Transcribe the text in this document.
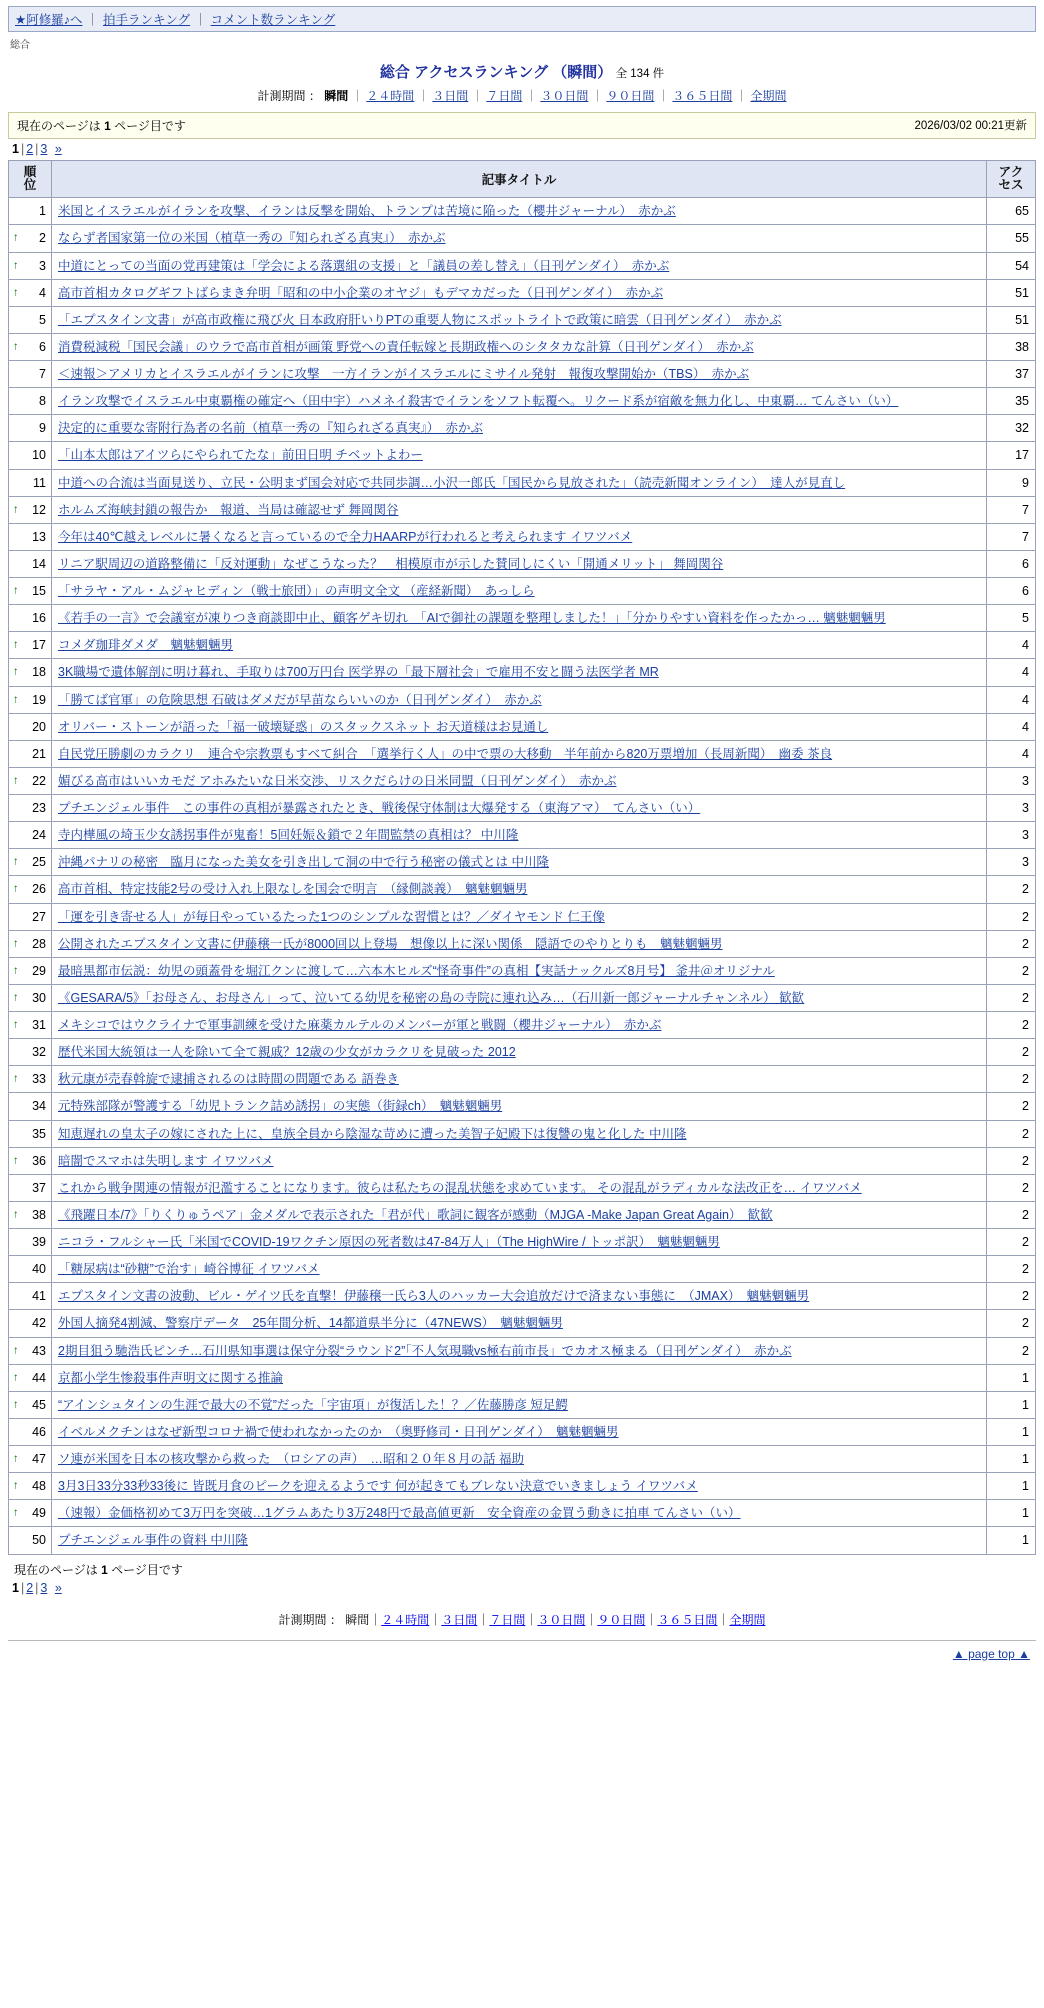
★阿修羅♪へ ｜ 拍手ランキング ｜ コメント数ランキング
総合
総合 アクセスランキング （瞬間） 全 134 件
計測期間 ： 瞬間 ｜ ２４時間 ｜ ３日間 ｜ ７日間 ｜ ３０日間 ｜ ９０日間 ｜ ３６５日間 ｜ 全期間
現在のページは 1 ページ目です	2026/03/02 00:21更新
1 | 2 | 3 »
順
位	記事タイトル	
アク
セス

1	米国とイスラエルがイランを攻撃、イランは反撃を開始、トランプは苦境に陥った（櫻井ジャーナル）　赤かぶ	65

↑ 2	ならず者国家第一位の米国（植草一秀の『知られざる真実』）　赤かぶ	55

↑ 3	中道にとっての当面の党再建策は「学会による落選組の支援」と「議員の差し替え」（日刊ゲンダイ）　赤かぶ	54

↑ 4	高市首相カタログギフトばらまき弁明「昭和の中小企業のオヤジ」もデマカだった（日刊ゲンダイ）　赤かぶ	51
5	「エプスタイン文書」が高市政権に飛び火 日本政府肝いりPTの重要人物にスポットライトで政策に暗雲（日刊ゲンダイ）　赤かぶ	51

↑ 6	消費税減税「国民会議」のウラで高市首相が画策 野党への責任転嫁と長期政権へのシタタカな計算（日刊ゲンダイ）　赤かぶ	38
7	＜速報＞アメリカとイスラエルがイランに攻撃　一方イランがイスラエルにミサイル発射　報復攻撃開始か（TBS）　赤かぶ	37
8	イラン攻撃でイスラエル中東覇権の確定へ（田中宇）ハメネイ殺害でイランをソフト転覆へ。リクード系が宿敵を無力化し、中東覇… てんさい（い）	35
9	決定的に重要な寄附行為者の名前（植草一秀の『知られざる真実』）　赤かぶ	32
10	「山本太郎はアイツらにやられてたな」前田日明 チベットよわー	17
11	中道への合流は当面見送り、立民・公明まず国会対応で共同歩調…小沢一郎氏「国民から見放された」（読売新聞オンライン）　達人が見直し	9

↑ 12	ホルムズ海峡封鎖の報告か　報道、当局は確認せず 舞岡関谷	7
13	今年は40℃越えレベルに暑くなると言っているので全力HAARPが行われると考えられます イワツバメ	7
14	リニア駅周辺の道路整備に「反対運動」なぜこうなった？　相模原市が示した賛同しにくい「開通メリット」 舞岡関谷	6

↑ 15	「サラヤ・アル・ムジャヒディン（戦士旅団）」の声明文全文 （産経新聞）　あっしら	6
16	《若手の一言》で会議室が凍りつき商談即中止、顧客ゲキ切れ　「AIで御社の課題を整理しました！」「分かりやすい資料を作ったかっ… 魑魅魍魎男	5

↑ 17	コメダ珈琲ダメダ　魑魅魍魎男	4

↑ 18	3K職場で遺体解剖に明け暮れ、手取りは700万円台 医学界の「最下層社会」で雇用不安と闘う法医学者 MR	4

↑ 19	「勝てば官軍」の危険思想 石破はダメだが早苗ならいいのか（日刊ゲンダイ）　赤かぶ	4
20	オリバー・ストーンが語った「福一破壊疑惑」のスタックスネット お天道様はお見通し	4
21	自民党圧勝劇のカラクリ　連合や宗教票もすべて糾合　「選挙行く人」の中で票の大移動　半年前から820万票増加（長周新聞）　幽委 茶良	4

↑ 22	媚びる高市はいいカモだ アホみたいな日米交渉、リスクだらけの日米同盟（日刊ゲンダイ）　赤かぶ	3
23	プチエンジェル事件　この事件の真相が暴露されたとき、戦後保守体制は大爆発する（東海アマ）　てんさい（い）	3
24	寺内樺風の埼玉少女誘拐事件が鬼畜！5回妊娠＆鎖で２年間監禁の真相は？ 中川隆	3

↑ 25	沖縄パナリの秘密　臨月になった美女を引き出して洞の中で行う秘密の儀式とは 中川隆	3

↑ 26	高市首相、特定技能2号の受け入れ上限なしを国会で明言　（縁側談義）　魑魅魍魎男	2
27	「運を引き寄せる人」が毎日やっているたった1つのシンプルな習慣とは？／ダイヤモンド 仁王像	2

↑ 28	公開されたエプスタイン文書に伊藤穣一氏が8000回以上登場　想像以上に深い関係　隠語でのやりとりも　魑魅魍魎男	2

↑ 29	最暗黒都市伝説：幼児の頭蓋骨を堀江クンに渡して…六本木ヒルズ“怪奇事件”の真相【実話ナックルズ8月号】 釜井＠オリジナル	2

↑ 30	《GESARA/5》「お母さん、お母さん」って、泣いてる幼児を秘密の島の寺院に連れ込み…（石川新一郎ジャーナルチャンネル） 歓歓	2

↑ 31	メキシコではウクライナで軍事訓練を受けた麻薬カルテルのメンバーが軍と戦闘（櫻井ジャーナル）　赤かぶ	2
32	歴代米国大統領は一人を除いて全て親戚？12歳の少女がカラクリを見破った 2012	2

↑ 33	秋元康が売春斡旋で逮捕されるのは時間の問題である 語巻き	2
34	元特殊部隊が警護する「幼児トランク詰め誘拐」の実態（街録ch）　魑魅魍魎男	2
35	知恵遅れの皇太子の嫁にされた上に、皇族全員から陰湿な苛めに遭った美智子妃殿下は復讐の鬼と化した 中川隆	2

↑ 36	暗闇でスマホは失明します イワツバメ	2
37	これから戦争関連の情報が氾濫することになります。彼らは私たちの混乱状態を求めています。 その混乱がラディカルな法改正を… イワツバメ	2

↑ 38	《飛躍日本/7》「りくりゅうペア」金メダルで表示された「君が代」歌詞に観客が感動（MJGA -Make Japan Great Again）　歓歓	2
39	ニコラ・フルシャー氏「米国でCOVID-19ワクチン原因の死者数は47-84万人」（The HighWire / トッポ訳）　魑魅魍魎男	2
40	「糖尿病は“砂糖”で治す」崎谷博征 イワツバメ	2
41	エプスタイン文書の波動、ビル・ゲイツ氏を直撃！伊藤穣一氏ら3人のハッカー大会追放だけで済まない事態に　（JMAX）　魑魅魍魎男	2
42	外国人摘発4割減、警察庁データ　25年間分析、14都道県半分に（47NEWS）　魑魅魍魎男	2

↑ 43	2期目狙う馳浩氏ピンチ…石川県知事選は保守分裂“ラウンド2”「不人気現職vs極右前市長」でカオス極まる（日刊ゲンダイ）　赤かぶ	2

↑ 44	京都小学生惨殺事件声明文に関する推論	1

↑ 45	“アインシュタインの生涯で最大の不覚”だった「宇宙項」が復活した！？／佐藤勝彦 短足鰐	1
46	イベルメクチンはなぜ新型コロナ禍で使われなかったのか　（奥野修司・日刊ゲンダイ）　魑魅魍魎男	1

↑ 47	ソ連が米国を日本の核攻撃から救った　（ロシアの声）　…昭和２０年８月の話 福助	1

↑ 48	3月3日33分33秒33後に 皆既月食のピークを迎えるようです 何が起きてもブレない決意でいきましょう イワツバメ	1

↑ 49	（速報）金価格初めて3万円を突破…1グラムあたり3万248円で最高値更新　安全資産の金買う動きに拍車 てんさい（い）	1
50	プチエンジェル事件の資料 中川隆	1
現在のページは 1 ページ目です
1 | 2 | 3 »
計測期間 ： 瞬間｜２４時間｜３日間｜７日間｜３０日間｜９０日間｜３６５日間｜全期間
▲ page top ▲
